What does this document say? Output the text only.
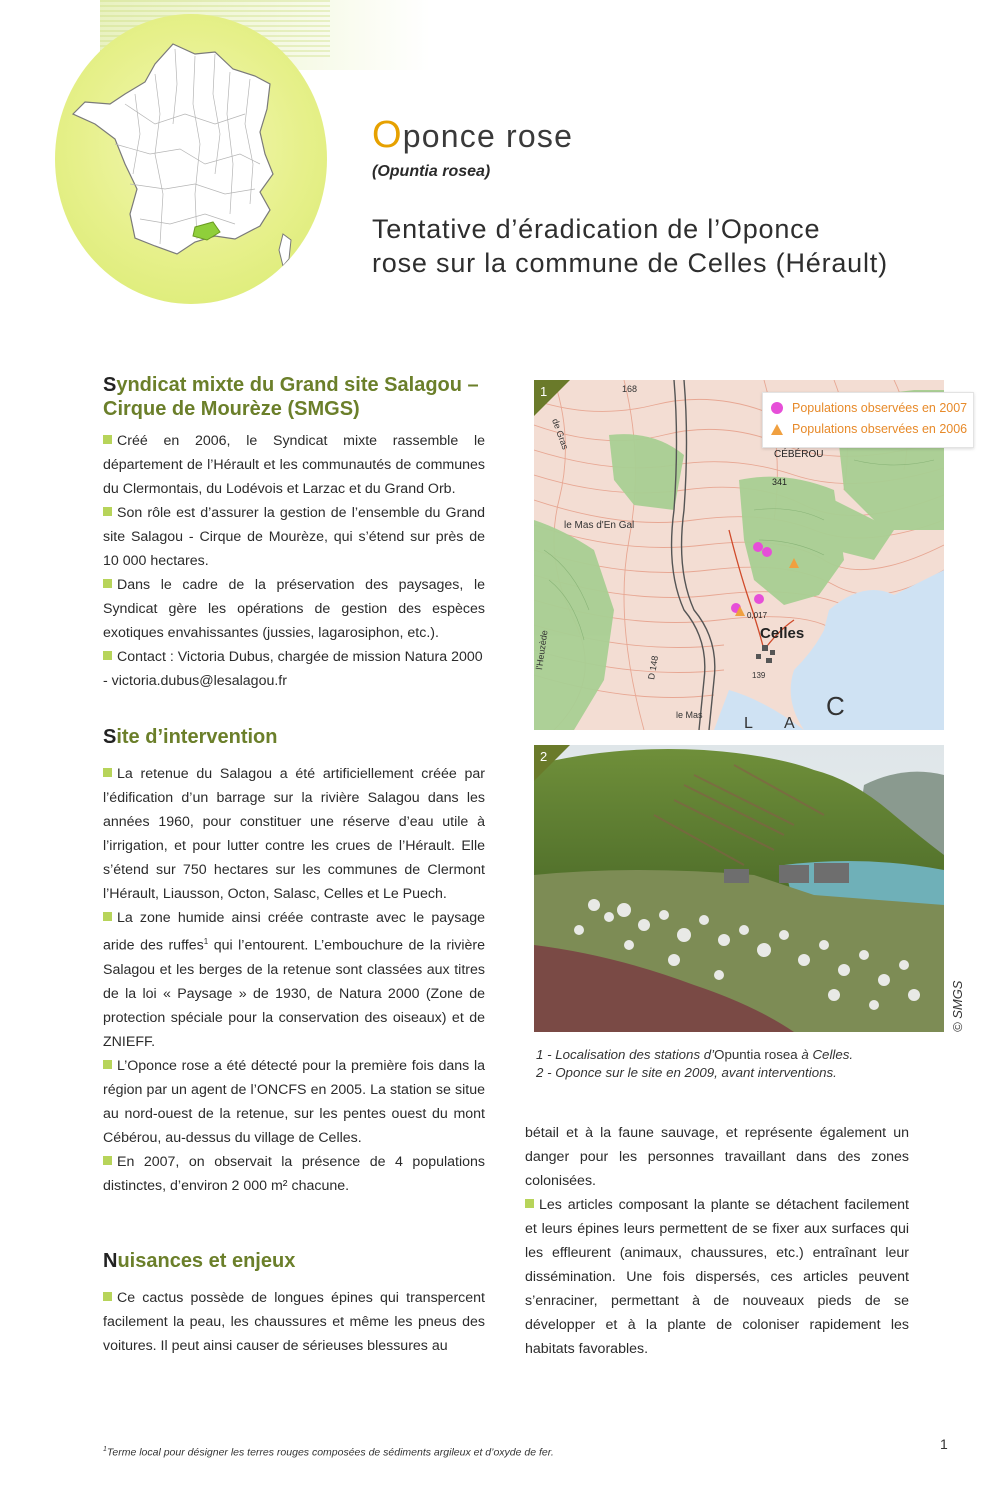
Oponce rose
(Opuntia rosea)
Tentative d’éradication de l’Oponce
rose sur la commune de Celles (Hérault)
Syndicat mixte du Grand site Salagou –
Cirque de Mourèze (SMGS)

Créé en 2006, le Syndicat mixte rassemble le département de l’Hérault et les communautés de communes du Clermontais, du Lodévois et Larzac et du Grand Orb.

Son rôle est d’assurer la gestion de l’ensemble du Grand site Salagou - Cirque de Mourèze, qui s’étend sur près de 10 000 hectares.

Dans le cadre de la préservation des paysages, le Syndicat gère les opérations de gestion des espèces exotiques envahissantes (jussies, lagarosiphon, etc.).

Contact : Victoria Dubus, chargée de mission Natura 2000 - victoria.dubus@lesalagou.fr

Site d’intervention

La retenue du Salagou a été artificiellement créée par l’édification d’un barrage sur la rivière Salagou dans les années 1960, pour constituer une réserve d’eau utile à l’irrigation, et pour lutter contre les crues de l’Hérault. Elle s’étend sur 750 hectares sur les communes de Clermont l’Hérault, Liausson, Octon, Salasc, Celles et Le Puech.

La zone humide ainsi créée contraste avec le paysage aride des ruffes$^1$ qui l’entourent. L’embouchure de la rivière Salagou et les berges de la retenue sont classées aux titres de la loi « Paysage » de 1930, de Natura 2000 (Zone de protection spéciale pour la conservation des oiseaux) et de ZNIEFF.

L’Oponce rose a été détecté pour la première fois dans la région par un agent de l’ONCFS en 2005. La station se situe au nord-ouest de la retenue, sur les pentes ouest du mont Cébérou, au-dessus du village de Celles.

En 2007, on observait la présence de 4 populations distinctes, d’environ 2 000 m² chacune.

Nuisances et enjeux

Ce cactus possède de longues épines qui transpercent facilement la peau, les chaussures et même les pneus des voitures. Il peut ainsi causer de sérieuses blessures au

bétail et à la faune sauvage, et représente également un danger pour les personnes travaillant dans des zones colonisées.

Les articles composant la plante se détachent facilement et leurs épines leurs permettent de se fixer aux surfaces qui les effleurent (animaux, chaussures, etc.) entraînant leur dissémination. Une fois dispersés, ces articles peuvent s’enraciner, permettant à de nouveaux pieds de se développer et à la plante de coloniser rapidement les habitats favorables.

168
CÉBÉROU
341
le Mas d'En Gal
Celles
0,017
139
le Mas	L A
C
D 148
l'Heuzède
de Gras
1
Populations observées en 2007
Populations observées en 2006
2
© SMGS
1 - Localisation des stations d’Opuntia rosea à Celles.
2 - Oponce sur le site en 2009, avant interventions.
$^1$Terme local pour désigner les terres rouges composées de sédiments argileux et d’oxyde de fer.
1
